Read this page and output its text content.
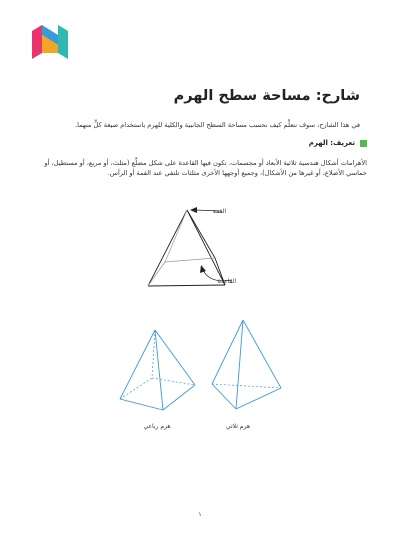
شارح: مساحة سطح الهرم

في هذا الشارح، سوف نتعلَّم كيف نحسب مساحة السطح الجانبية والكلية للهرم باستخدام صيغة كلٍّ منهما.

تعريف: الهرم

الأهرامات أشكال هندسية ثلاثية الأبعاد أو مجسمات، تكون فيها القاعدة على شكل مضلَّع (مثلث، أو مربع، أو مستطيل، أو خماسي الأضلاع، أو غيرها من الأشكال)، وجميع أوجهها الأخرى مثلثات تلتقي عند القمة أو الرأس.

القمة
القاعدة
هرم رباعي	هرم ثلاثي
١
